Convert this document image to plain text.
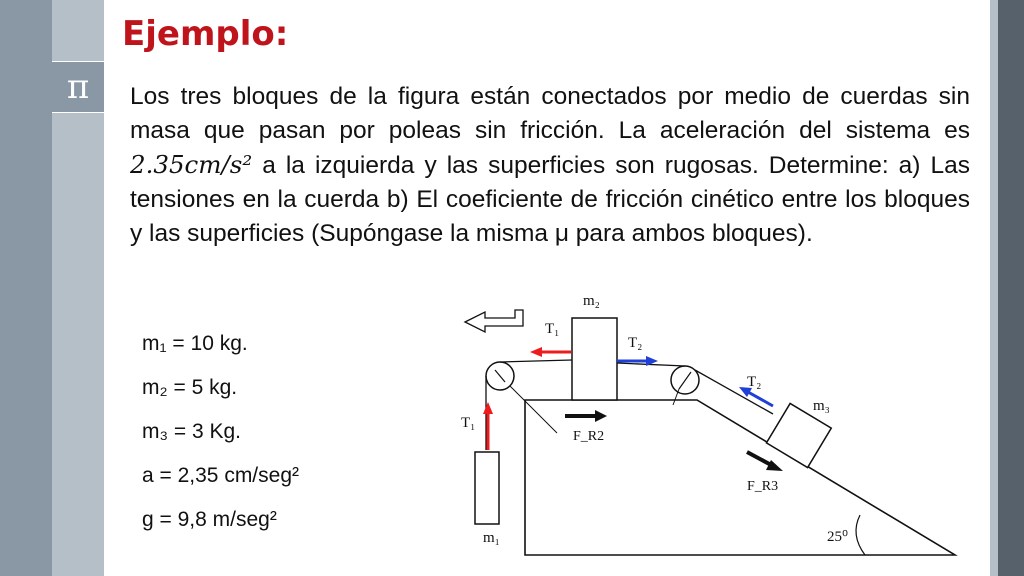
π
Ejemplo:
Los tres bloques de la figura están conectados por medio de cuerdas sin masa que pasan por poleas sin fricción. La aceleración del sistema es 2.35cm/s² a la izquierda y las superficies son rugosas. Determine: a) Las tensiones en la cuerda b) El coeficiente de fricción cinético entre los bloques y las superficies (Supóngase la misma μ para ambos bloques).
m₁ = 10 kg.
m₂ = 5 kg.
m₃ = 3 Kg.
a = 2,35 cm/seg²
g = 9,8 m/seg²
m₂
T₁
T₂
T₁
F_R2
T₂
m₃
F_R3
m₁	25⁰
